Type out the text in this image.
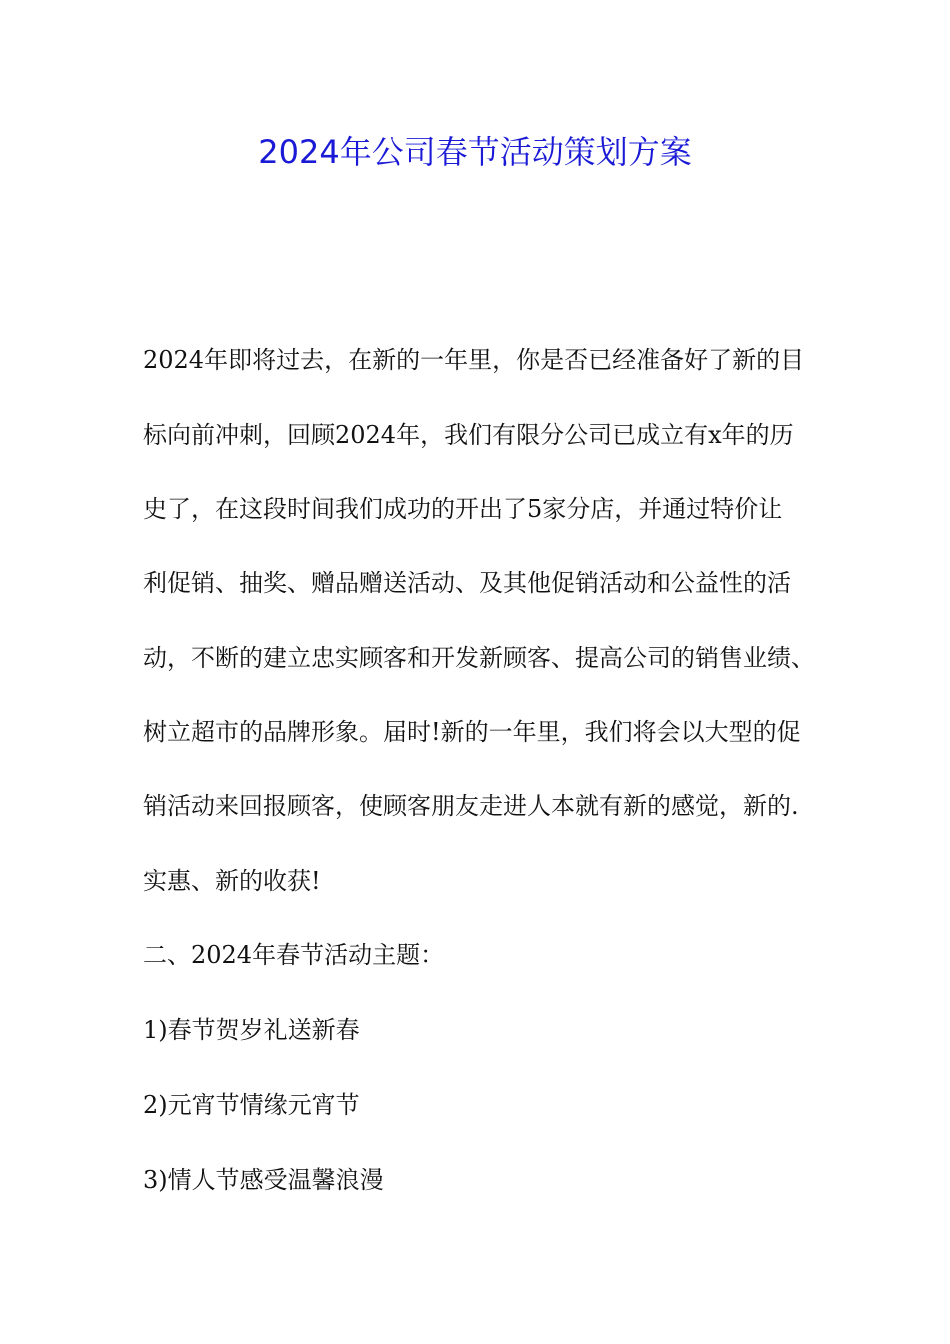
2024年公司春节活动策划方案

2024年即将过去，在新的一年里，你是否已经准备好了新的目

标向前冲刺，回顾2024年，我们有限分公司已成立有x年的历

史了，在这段时间我们成功的开出了5家分店，并通过特价让

利促销、抽奖、赠品赠送活动、及其他促销活动和公益性的活

动，不断的建立忠实顾客和开发新顾客、提高公司的销售业绩、

树立超市的品牌形象。届时!新的一年里，我们将会以大型的促

销活动来回报顾客，使顾客朋友走进人本就有新的感觉，新的.

实惠、新的收获!

二、2024年春节活动主题：

1)春节贺岁礼送新春

2)元宵节情缘元宵节

3)情人节感受温馨浪漫
